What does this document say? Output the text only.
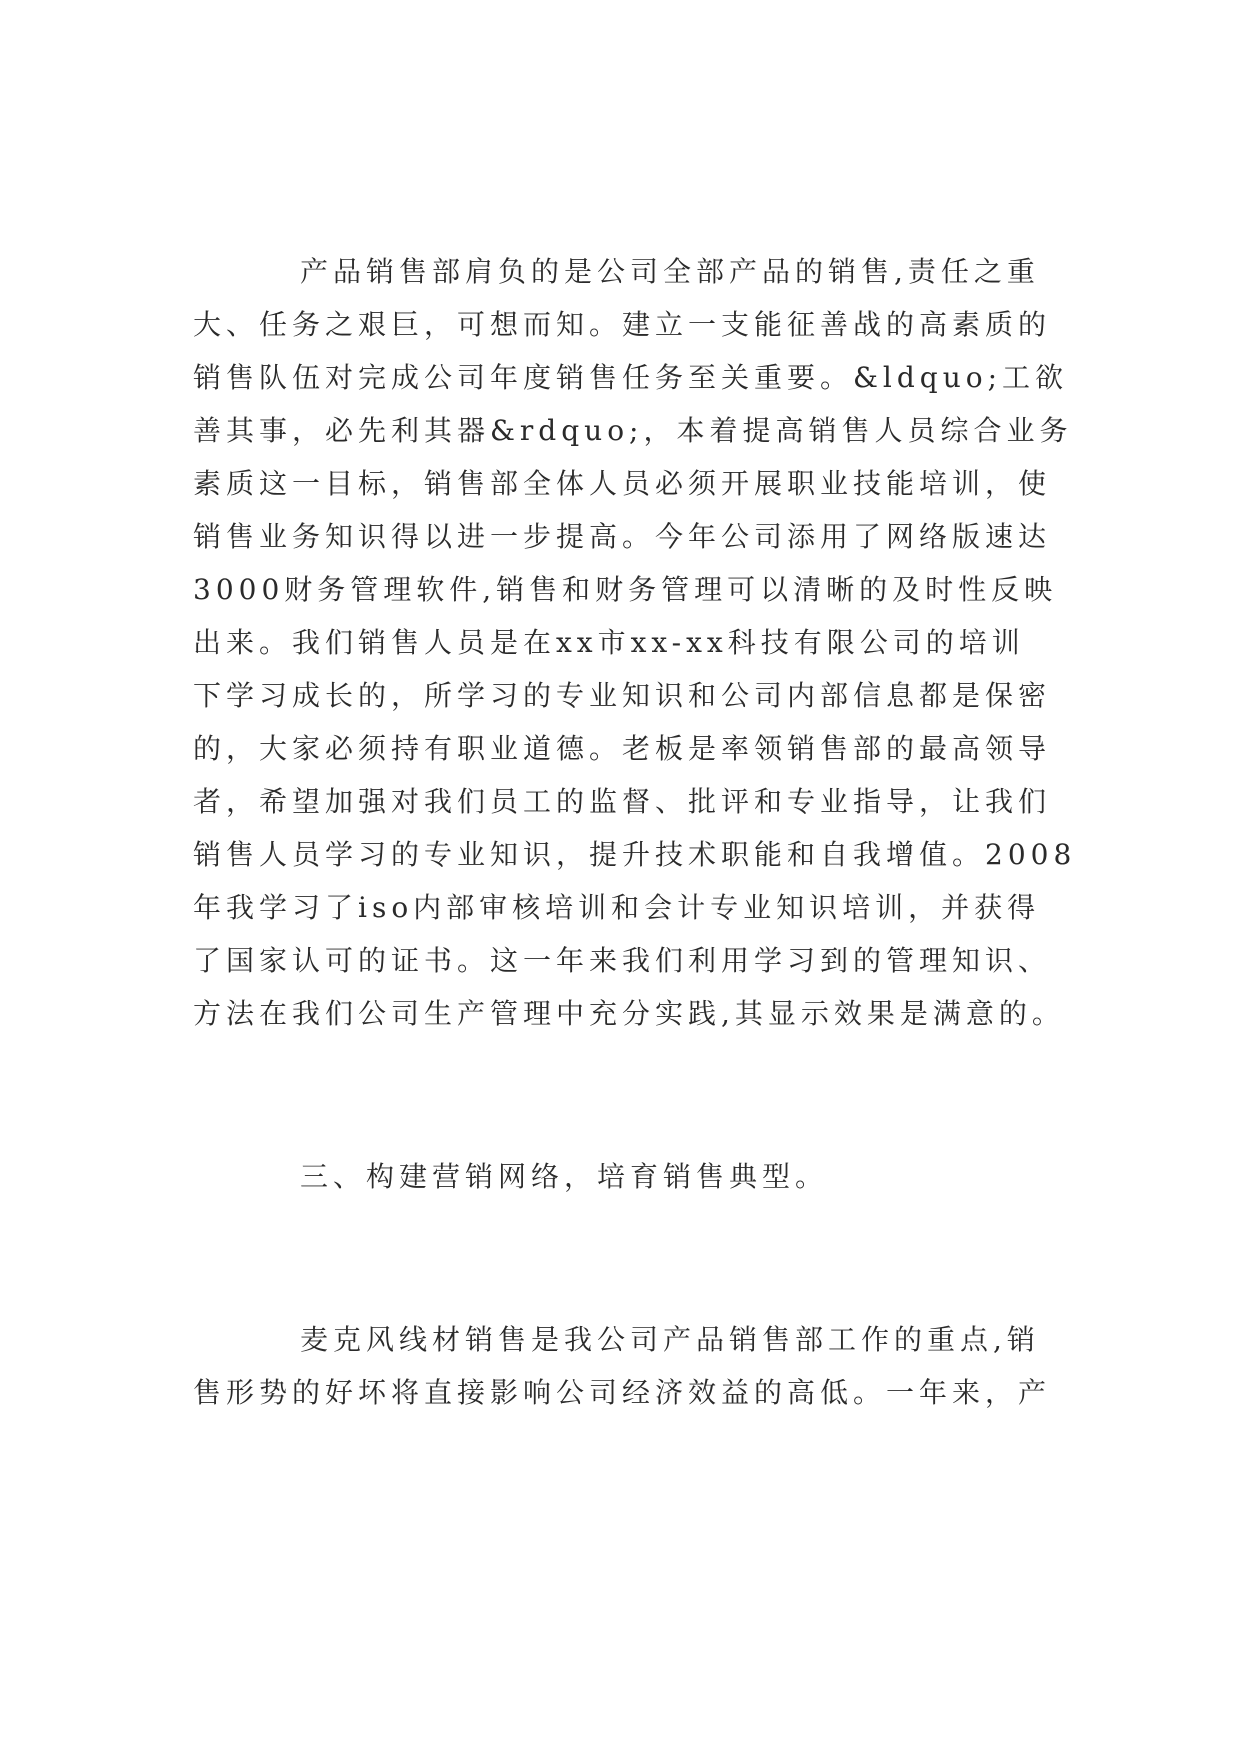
产品销售部肩负的是公司全部产品的销售,责任之重
大、任务之艰巨，可想而知。建立一支能征善战的高素质的
销售队伍对完成公司年度销售任务至关重要。&ldquo;工欲
善其事，必先利其器&rdquo;，本着提高销售人员综合业务
素质这一目标，销售部全体人员必须开展职业技能培训，使
销售业务知识得以进一步提高。今年公司添用了网络版速达
3000财务管理软件,销售和财务管理可以清晰的及时性反映
出来。我们销售人员是在xx市xx-xx科技有限公司的培训
下学习成长的，所学习的专业知识和公司内部信息都是保密
的，大家必须持有职业道德。老板是率领销售部的最高领导
者，希望加强对我们员工的监督、批评和专业指导，让我们
销售人员学习的专业知识，提升技术职能和自我增值。2008
年我学习了iso内部审核培训和会计专业知识培训，并获得
了国家认可的证书。这一年来我们利用学习到的管理知识、
方法在我们公司生产管理中充分实践,其显示效果是满意的。
三、构建营销网络，培育销售典型。
麦克风线材销售是我公司产品销售部工作的重点,销
售形势的好坏将直接影响公司经济效益的高低。一年来，产
